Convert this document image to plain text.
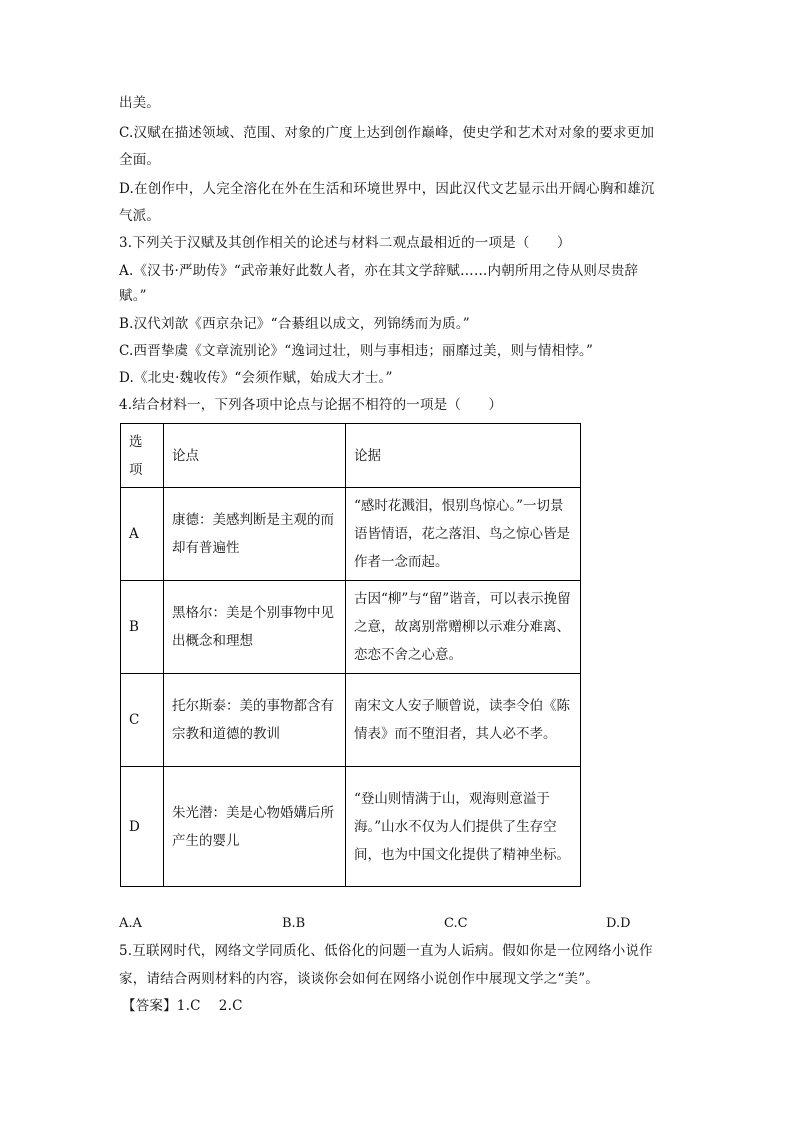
出美。
C.汉赋在描述领域、范围、对象的广度上达到创作巅峰，使史学和艺术对对象的要求更加
全面。
D.在创作中，人完全溶化在外在生活和环境世界中，因此汉代文艺显示出开阔心胸和雄沉
气派。
3.下列关于汉赋及其创作相关的论述与材料二观点最相近的一项是（　　）
A.《汉书·严助传》“武帝兼好此数人者，亦在其文学辞赋……内朝所用之侍从则尽贵辞
赋。”
B.汉代刘歆《西京杂记》“合綦组以成文，列锦绣而为质。”
C.西晋挚虞《文章流别论》“逸词过壮，则与事相违；丽靡过美，则与情相悖。”
D.《北史·魏收传》“会须作赋，始成大才士。”
4.结合材料一，下列各项中论点与论据不相符的一项是（　　）
选项	论点	论据
A	康德：美感判断是主观的而却有普遍性	“感时花溅泪，恨别鸟惊心。”一切景语皆情语，花之落泪、鸟之惊心皆是作者一念而起。

B	黑格尔：美是个别事物中见出概念和理想	古因“柳”与“留”谐音，可以表示挽留之意，故离别常赠柳以示难分难离、恋恋不舍之心意。

C	托尔斯泰：美的事物都含有宗教和道德的教训	南宋文人安子顺曾说，读李令伯《陈情表》而不堕泪者，其人必不孝。

D	朱光潜：美是心物婚媾后所产生的婴儿	“登山则情满于山，观海则意溢于海。”山水不仅为人们提供了生存空间，也为中国文化提供了精神坐标。
A.A	B.B	C.C	D.D
5.互联网时代，网络文学同质化、低俗化的问题一直为人诟病。假如你是一位网络小说作
家，请结合两则材料的内容，谈谈你会如何在网络小说创作中展现文学之“美”。
【答案】1.C　 2.C
